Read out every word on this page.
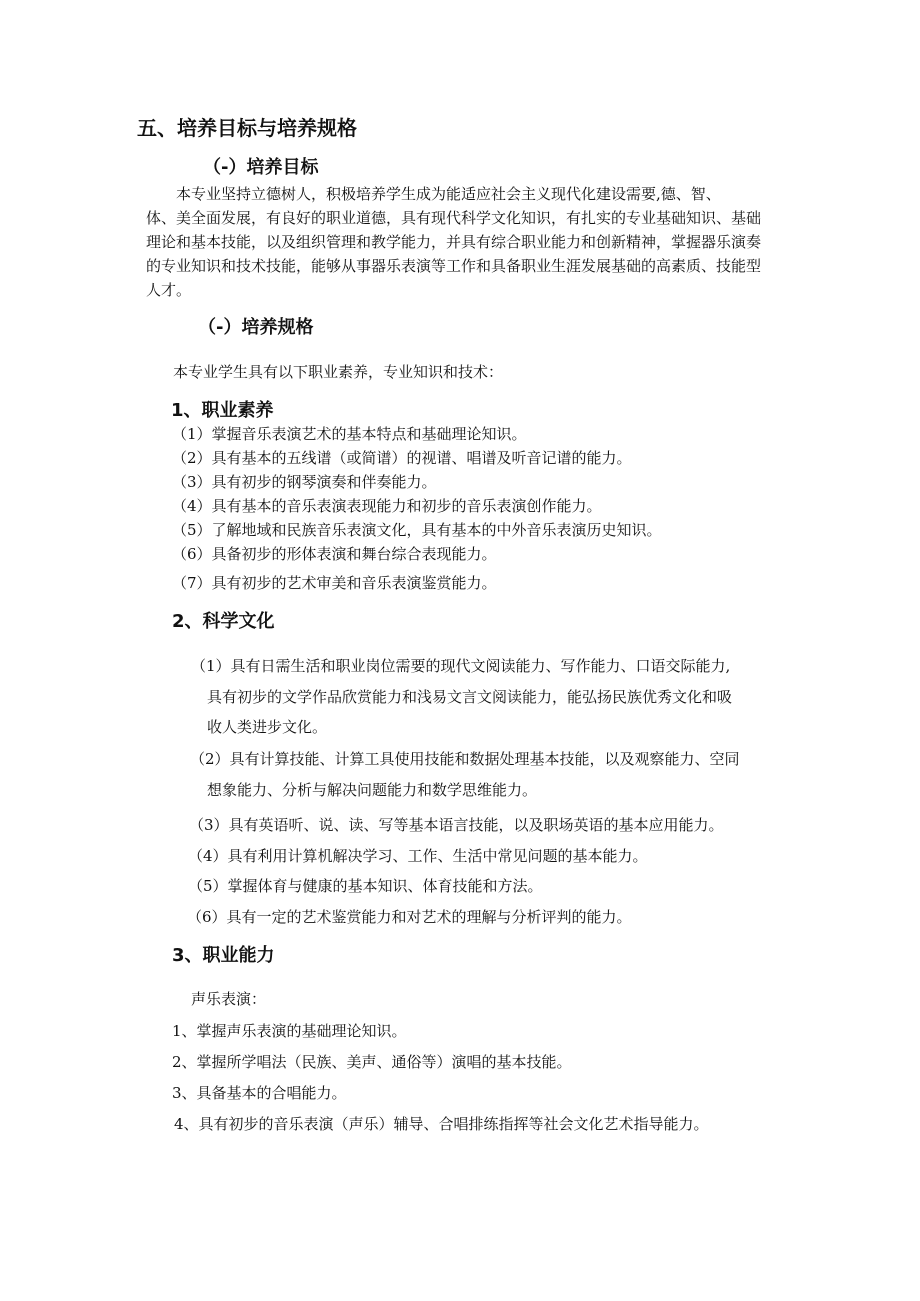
五、培养目标与培养规格
（-）培养目标
本专业坚持立德树人，积极培养学生成为能适应社会主义现代化建设需要,德、智、
体、美全面发展，有良好的职业道德，具有现代科学文化知识，有扎实的专业基础知识、基础
理论和基本技能，以及组织管理和教学能力，并具有综合职业能力和创新精神，掌握器乐演奏
的专业知识和技术技能，能够从事器乐表演等工作和具备职业生涯发展基础的高素质、技能型
人才。
（-）培养规格
本专业学生具有以下职业素养，专业知识和技术：
1、职业素养
（1）掌握音乐表演艺术的基本特点和基础理论知识。
（2）具有基本的五线谱（或简谱）的视谱、唱谱及听音记谱的能力。
（3）具有初步的钢琴演奏和伴奏能力。
（4）具有基本的音乐表演表现能力和初步的音乐表演创作能力。
（5）了解地域和民族音乐表演文化，具有基本的中外音乐表演历史知识。
（6）具备初步的形体表演和舞台综合表现能力。
（7）具有初步的艺术审美和音乐表演鉴赏能力。
2、科学文化
（1）具有日需生活和职业岗位需要的现代文阅读能力、写作能力、口语交际能力,
具有初步的文学作品欣赏能力和浅易文言文阅读能力，能弘扬民族优秀文化和吸
收人类进步文化。
（2）具有计算技能、计算工具使用技能和数据处理基本技能，以及观察能力、空同
想象能力、分析与解决问题能力和数学思维能力。
（3）具有英语听、说、读、写等基本语言技能，以及职场英语的基本应用能力。
（4）具有利用计算机解决学习、工作、生活中常见问题的基本能力。
（5）掌握体育与健康的基本知识、体育技能和方法。
（6）具有一定的艺术鉴赏能力和对艺术的理解与分析评判的能力。
3、职业能力
声乐表演：
1、掌握声乐表演的基础理论知识。
2、掌握所学唱法（民族、美声、通俗等）演唱的基本技能。
3、具备基本的合唱能力。
4、具有初步的音乐表演（声乐）辅导、合唱排练指挥等社会文化艺术指导能力。
